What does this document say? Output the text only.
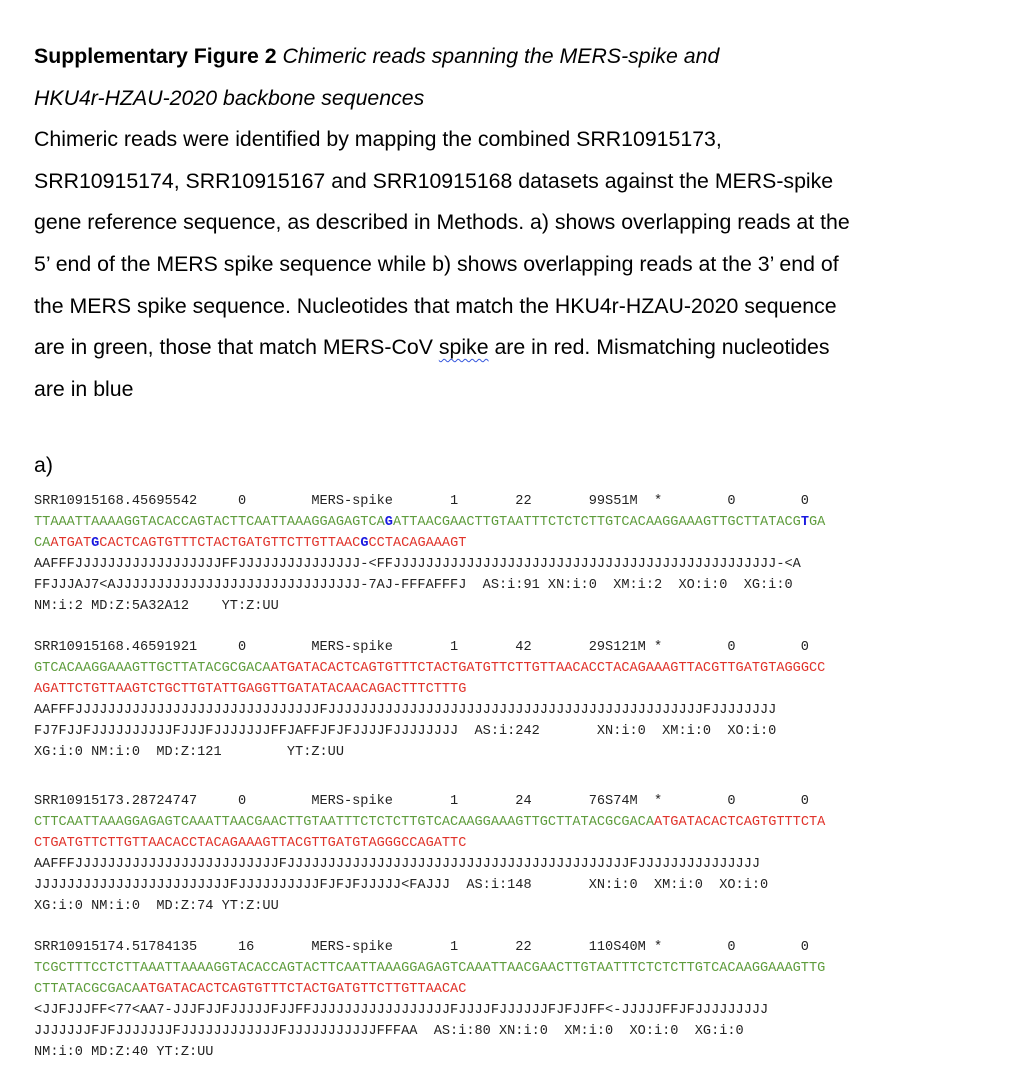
Supplementary Figure 2 Chimeric reads spanning the MERS-spike and
HKU4r-HZAU-2020 backbone sequences
Chimeric reads were identified by mapping the combined SRR10915173,
SRR10915174, SRR10915167 and SRR10915168 datasets against the MERS-spike
gene reference sequence, as described in Methods. a) shows overlapping reads at the
5’ end of the MERS spike sequence while b) shows overlapping reads at the 3’ end of
the MERS spike sequence. Nucleotides that match the HKU4r-HZAU-2020 sequence
are in green, those that match MERS-CoV spike are in red. Mismatching nucleotides
are in blue
a)
SRR10915168.45695542     0        MERS-spike       1       22       99S51M  *        0        0
TTAAATTAAAAGGTACACCAGTACTTCAATTAAAGGAGAGTCAGATTAACGAACTTGTAATTTCTCTCTTGTCACAAGGAAAGTTGCTTATACGTGA
CAATGATGCACTCAGTGTTTCTACTGATGTTCTTGTTAACGCCTACAGAAAGT
AAFFFJJJJJJJJJJJJJJJJJJFFJJJJJJJJJJJJJJJ-<FFJJJJJJJJJJJJJJJJJJJJJJJJJJJJJJJJJJJJJJJJJJJJJJJ-<A
FFJJJAJ7<AJJJJJJJJJJJJJJJJJJJJJJJJJJJJJJ-7AJ-FFFAFFFJ  AS:i:91 XN:i:0  XM:i:2  XO:i:0  XG:i:0
NM:i:2 MD:Z:5A32A12    YT:Z:UU
SRR10915168.46591921     0        MERS-spike       1       42       29S121M *        0        0
GTCACAAGGAAAGTTGCTTATACGCGACAATGATACACTCAGTGTTTCTACTGATGTTCTTGTTAACACCTACAGAAAGTTACGTTGATGTAGGGCC
AGATTCTGTTAAGTCTGCTTGTATTGAGGTTGATATACAACAGACTTTCTTTG
AAFFFJJJJJJJJJJJJJJJJJJJJJJJJJJJJJJFJJJJJJJJJJJJJJJJJJJJJJJJJJJJJJJJJJJJJJJJJJJJJJFJJJJJJJJ
FJ7FJJFJJJJJJJJJJFJJJFJJJJJJJFFJAFFJFJFJJJJFJJJJJJJJ  AS:i:242       XN:i:0  XM:i:0  XO:i:0
XG:i:0 NM:i:0  MD:Z:121        YT:Z:UU
SRR10915173.28724747     0        MERS-spike       1       24       76S74M  *        0        0
CTTCAATTAAAGGAGAGTCAAATTAACGAACTTGTAATTTCTCTCTTGTCACAAGGAAAGTTGCTTATACGCGACAATGATACACTCAGTGTTTCTA
CTGATGTTCTTGTTAACACCTACAGAAAGTTACGTTGATGTAGGGCCAGATTC
AAFFFJJJJJJJJJJJJJJJJJJJJJJJJJFJJJJJJJJJJJJJJJJJJJJJJJJJJJJJJJJJJJJJJJJJJFJJJJJJJJJJJJJJJ
JJJJJJJJJJJJJJJJJJJJJJJJFJJJJJJJJJJFJFJFJJJJJ<FAJJJ  AS:i:148       XN:i:0  XM:i:0  XO:i:0
XG:i:0 NM:i:0  MD:Z:74 YT:Z:UU
SRR10915174.51784135     16       MERS-spike       1       22       110S40M *        0        0
TCGCTTTCCTCTTAAATTAAAAGGTACACCAGTACTTCAATTAAAGGAGAGTCAAATTAACGAACTTGTAATTTCTCTCTTGTCACAAGGAAAGTTG
CTTATACGCGACAATGATACACTCAGTGTTTCTACTGATGTTCTTGTTAACAC
<JJFJJJFF<77<AA7-JJJFJJFJJJJJFJJFFJJJJJJJJJJJJJJJJJFJJJJFJJJJJJFJFJJFF<-JJJJJFFJFJJJJJJJJJ
JJJJJJJFJFJJJJJJJFJJJJJJJJJJJJFJJJJJJJJJJJFFFAA  AS:i:80 XN:i:0  XM:i:0  XO:i:0  XG:i:0
NM:i:0 MD:Z:40 YT:Z:UU
